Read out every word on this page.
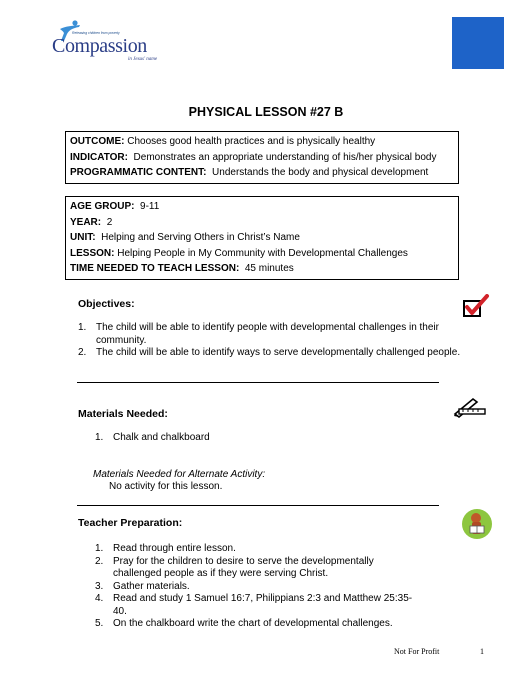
Releasing children from poverty
Compassion
in Jesus' name
PHYSICAL LESSON #27 B
OUTCOME: Chooses good health practices and is physically healthy
INDICATOR: Demonstrates an appropriate understanding of his/her physical body
PROGRAMMATIC CONTENT: Understands the body and physical development
AGE GROUP: 9-11
YEAR: 2
UNIT: Helping and Serving Others in Christ’s Name
LESSON: Helping People in My Community with Developmental Challenges
TIME NEEDED TO TEACH LESSON: 45 minutes
Objectives:
1. The child will be able to identify people with developmental challenges in their
community.
2. The child will be able to identify ways to serve developmentally challenged people.
Materials Needed:
1. Chalk and chalkboard
Materials Needed for Alternate Activity:
No activity for this lesson.
Teacher Preparation:
1. Read through entire lesson.
2. Pray for the children to desire to serve the developmentally
challenged people as if they were serving Christ.
3. Gather materials.
4. Read and study 1 Samuel 16:7, Philippians 2:3 and Matthew 25:35-
40.
5. On the chalkboard write the chart of developmental challenges.
Not For Profit	1
